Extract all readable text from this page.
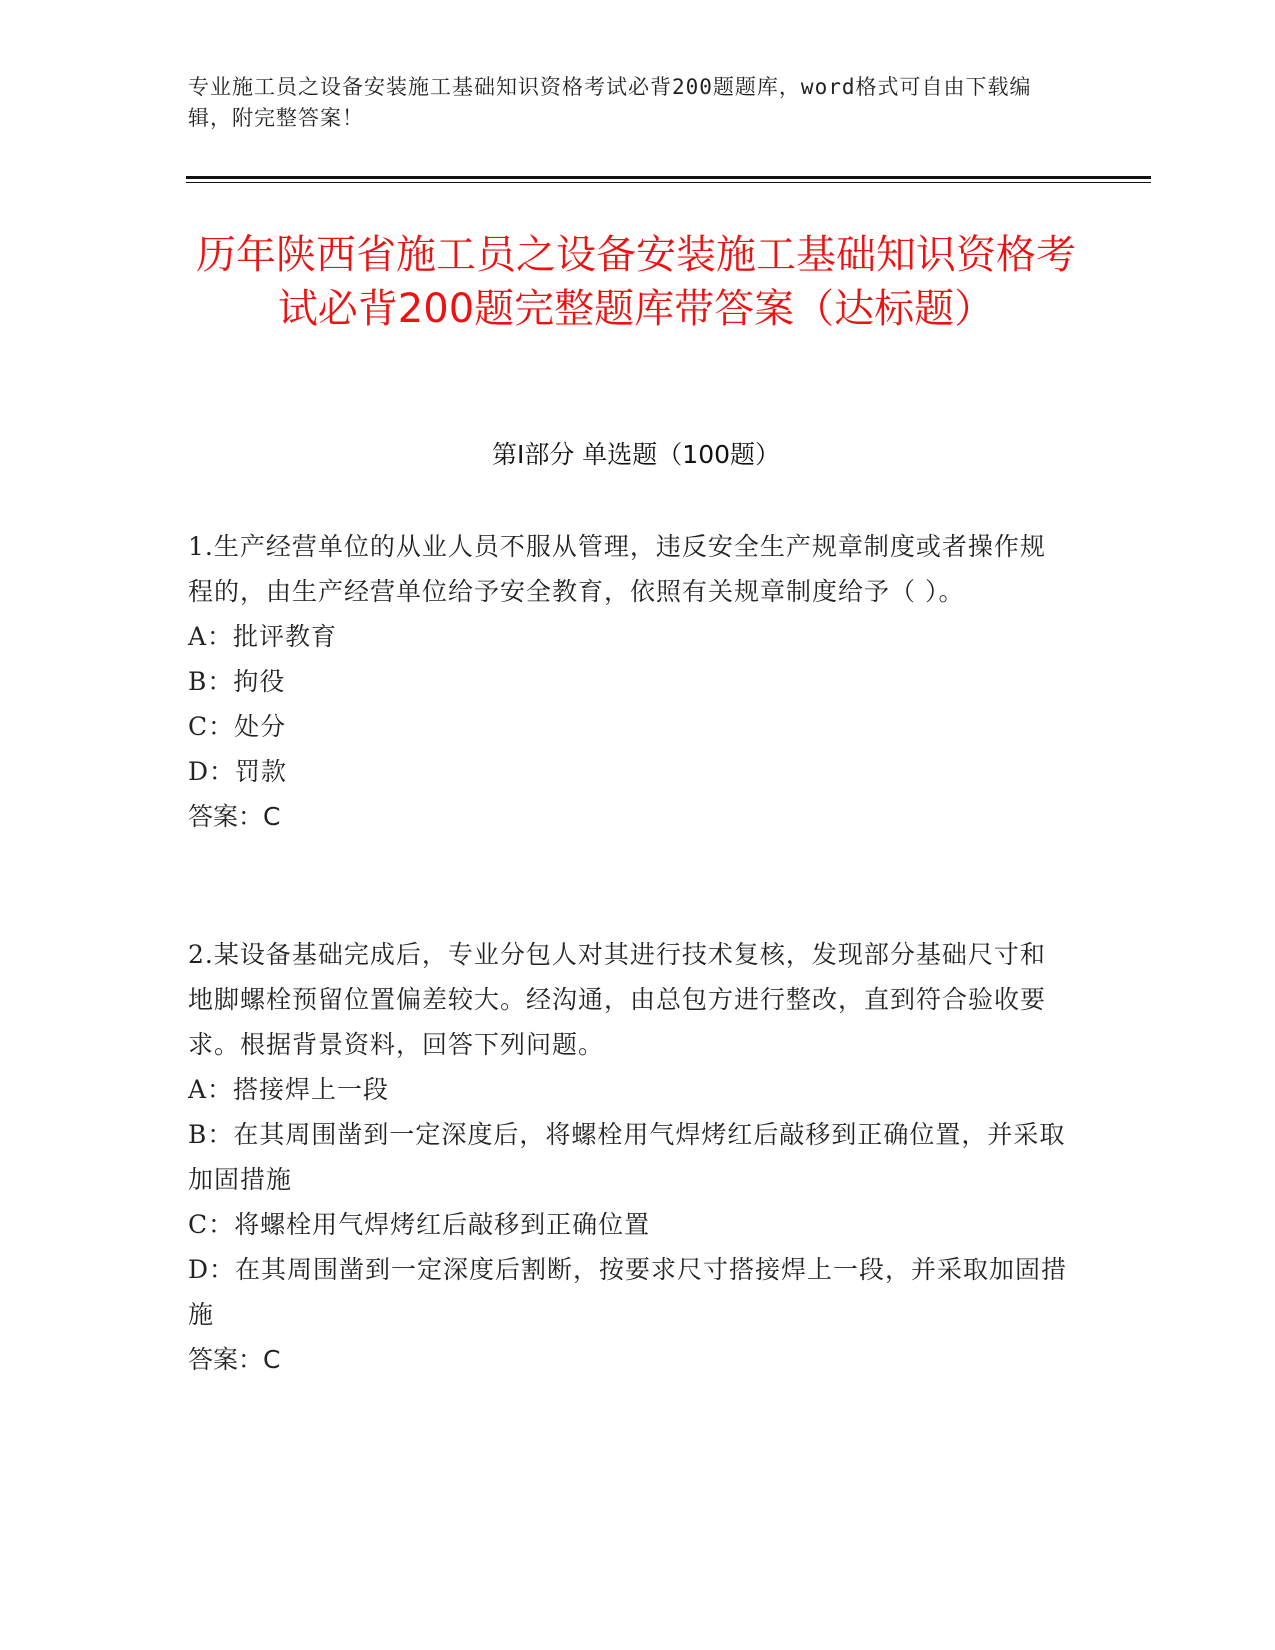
专业施工员之设备安装施工基础知识资格考试必背200题题库，word格式可自由下载编辑，附完整答案！
历年陕西省施工员之设备安装施工基础知识资格考试必背200题完整题库带答案（达标题）
第Ⅰ部分 单选题（100题）
1.生产经营单位的从业人员不服从管理，违反安全生产规章制度或者操作规程的，由生产经营单位给予安全教育，依照有关规章制度给予（ ）。
A：批评教育
B：拘役
C：处分
D：罚款
答案：C
2.某设备基础完成后，专业分包人对其进行技术复核，发现部分基础尺寸和地脚螺栓预留位置偏差较大。经沟通，由总包方进行整改，直到符合验收要求。根据背景资料，回答下列问题。
A：搭接焊上一段
B：在其周围凿到一定深度后，将螺栓用气焊烤红后敲移到正确位置，并采取加固措施
C：将螺栓用气焊烤红后敲移到正确位置
D：在其周围凿到一定深度后割断，按要求尺寸搭接焊上一段，并采取加固措施
答案：C
